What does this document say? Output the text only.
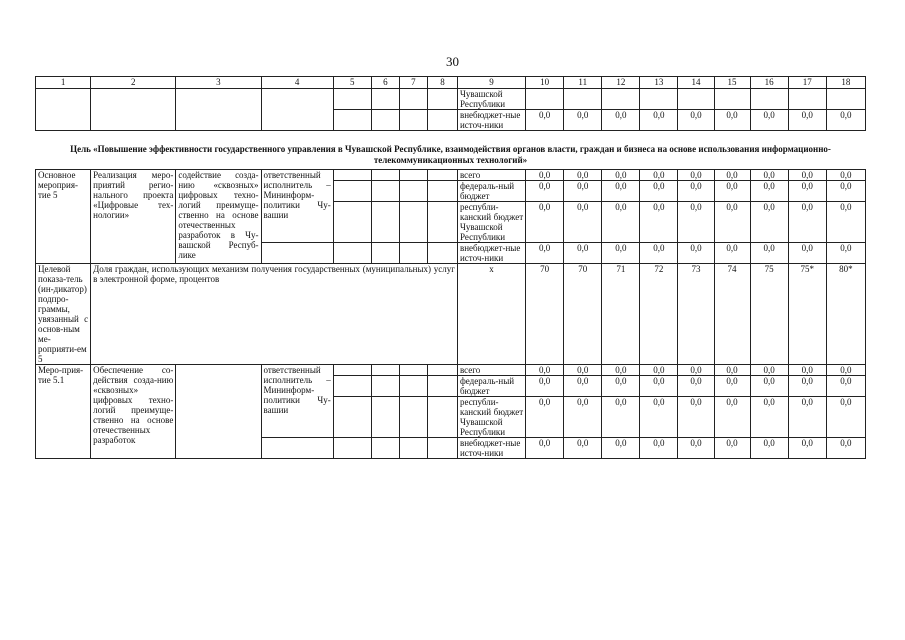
30
1	2	3	4	5	6	7	8	9	10	11	12	13	14	15	16	17	18
								Чувашской Республики									
								внебюджет-ные источ-ники	0,0	0,0	0,0	0,0	0,0	0,0	0,0	0,0	0,0
Цель «Повышение эффективности государственного управления в Чувашской Республике, взаимодействия органов власти, граждан и бизнеса на основе использования информационно-телекоммуникационных технологий»																	
Основное мероприя-тие 5	Реализация меро-приятий регио-нального проекта «Цифровые тех-нологии»	содействие созда-нию «сквозных» цифровых техно-логий преимуще-ственно на основе отечественных разработок в Чу-вашской Респуб-лике	ответственный исполнитель – Мининформ-политики Чу-вашии					всего	0,0	0,0	0,0	0,0	0,0	0,0	0,0	0,0	0,0
								федераль-ный бюджет	0,0	0,0	0,0	0,0	0,0	0,0	0,0	0,0	0,0
								республи-канский бюджет Чувашской Республики	0,0	0,0	0,0	0,0	0,0	0,0	0,0	0,0	0,0
								внебюджет-ные источ-ники	0,0	0,0	0,0	0,0	0,0	0,0	0,0	0,0	0,0
Целевой показа-тель (ин-дикатор) подпро-граммы, увязанный с основ-ным ме-роприяти-ем 5	Доля граждан, использующих механизм получения государственных (муниципальных) услуг в электронной форме, процентов							х	70	70	71	72	73	74	75	75*	80*
Меро-прия-тие 5.1	Обеспечение со-действия созда-нию «сквозных» цифровых техно-логий преимуще-ственно на основе отечественных разработок		ответственный исполнитель – Мининформ-политики Чу-вашии					всего	0,0	0,0	0,0	0,0	0,0	0,0	0,0	0,0	0,0
								федераль-ный бюджет	0,0	0,0	0,0	0,0	0,0	0,0	0,0	0,0	0,0
								республи-канский бюджет Чувашской Республики	0,0	0,0	0,0	0,0	0,0	0,0	0,0	0,0	0,0
								внебюджет-ные источ-ники	0,0	0,0	0,0	0,0	0,0	0,0	0,0	0,0	0,0
